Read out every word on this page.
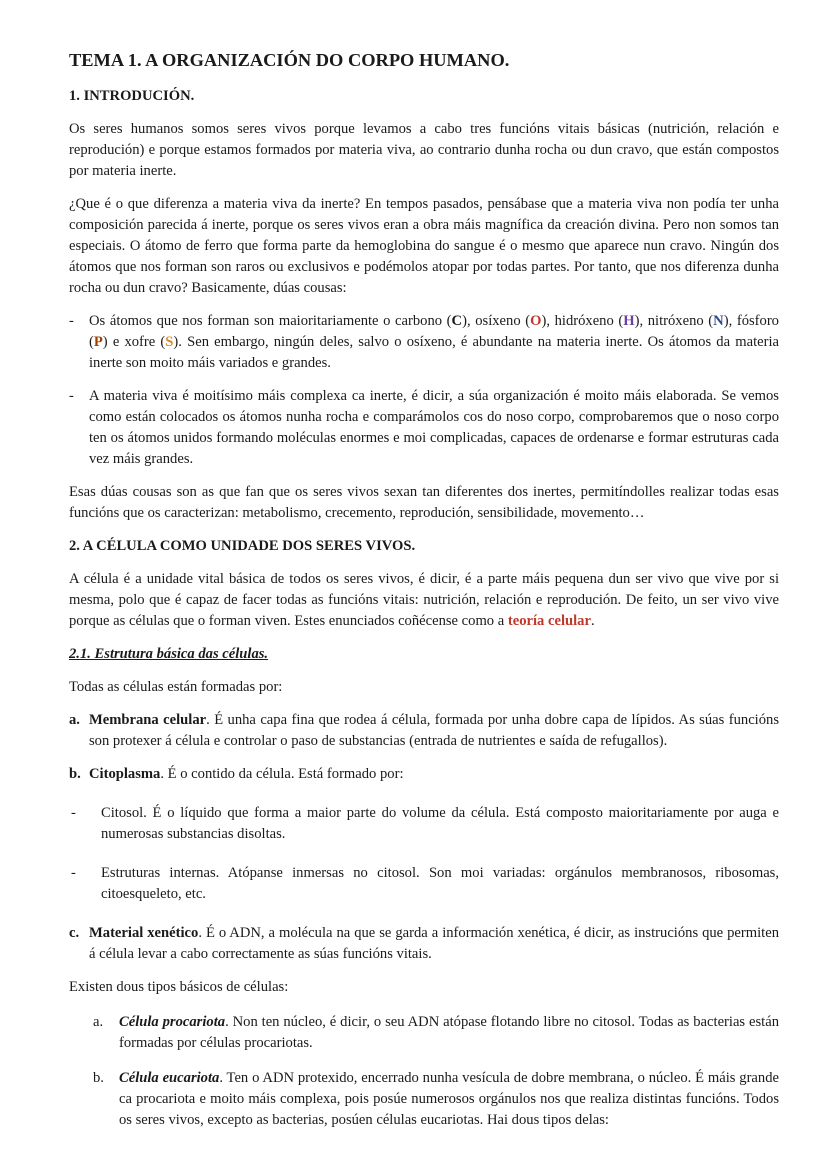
TEMA 1. A ORGANIZACIÓN DO CORPO HUMANO.
1. INTRODUCIÓN.

Os seres humanos somos seres vivos porque levamos a cabo tres funcións vitais básicas (nutrición, relación e reprodución) e porque estamos formados por materia viva, ao contrario dunha rocha ou dun cravo, que están compostos por materia inerte.

¿Que é o que diferenza a materia viva da inerte? En tempos pasados, pensábase que a materia viva non podía ter unha composición parecida á inerte, porque os seres vivos eran a obra máis magnífica da creación divina. Pero non somos tan especiais. O átomo de ferro que forma parte da hemoglobina do sangue é o mesmo que aparece nun cravo. Ningún dos átomos que nos forman son raros ou exclusivos e podémolos atopar por todas partes. Por tanto, que nos diferenza dunha rocha ou dun cravo? Basicamente, dúas cousas:

-	Os átomos que nos forman son maioritariamente o carbono (C), osíxeno (O), hidróxeno (H), nitróxeno (N), fósforo (P) e xofre (S). Sen embargo, ningún deles, salvo o osíxeno, é abundante na materia inerte. Os átomos da materia inerte son moito máis variados e grandes.
-	A materia viva é moitísimo máis complexa ca inerte, é dicir, a súa organización é moito máis elaborada. Se vemos como están colocados os átomos nunha rocha e comparámolos cos do noso corpo, comprobaremos que o noso corpo ten os átomos unidos formando moléculas enormes e moi complicadas, capaces de ordenarse e formar estruturas cada vez máis grandes.

Esas dúas cousas son as que fan que os seres vivos sexan tan diferentes dos inertes, permitíndolles realizar todas esas funcións que os caracterizan: metabolismo, crecemento, reprodución, sensibilidade, movemento…

2. A CÉLULA COMO UNIDADE DOS SERES VIVOS.

A célula é a unidade vital básica de todos os seres vivos, é dicir, é a parte máis pequena dun ser vivo que vive por si mesma, polo que é capaz de facer todas as funcións vitais: nutrición, relación e reprodución. De feito, un ser vivo vive porque as células que o forman viven. Estes enunciados coñécense como a teoría celular.

2.1. Estrutura básica das células.

Todas as células están formadas por:

a. Membrana celular. É unha capa fina que rodea á célula, formada por unha dobre capa de lípidos. As súas funcións son protexer á célula e controlar o paso de substancias (entrada de nutrientes e saída de refugallos).
b. Citoplasma. É o contido da célula. Está formado por:
-	Citosol. É o líquido que forma a maior parte do volume da célula. Está composto maioritariamente por auga e numerosas substancias disoltas.
-	Estruturas internas. Atópanse inmersas no citosol. Son moi variadas: orgánulos membranosos, ribosomas, citoesqueleto, etc.
c. Material xenético. É o ADN, a molécula na que se garda a información xenética, é dicir, as instrucións que permiten á célula levar a cabo correctamente as súas funcións vitais.

Existen dous tipos básicos de células:

a.	Célula procariota. Non ten núcleo, é dicir, o seu ADN atópase flotando libre no citosol. Todas as bacterias están formadas por células procariotas.
b.	Célula eucariota. Ten o ADN protexido, encerrado nunha vesícula de dobre membrana, o núcleo. É máis grande ca procariota e moito máis complexa, pois posúe numerosos orgánulos nos que realiza distintas funcións. Todos os seres vivos, excepto as bacterias, posúen células eucariotas. Hai dous tipos delas:
